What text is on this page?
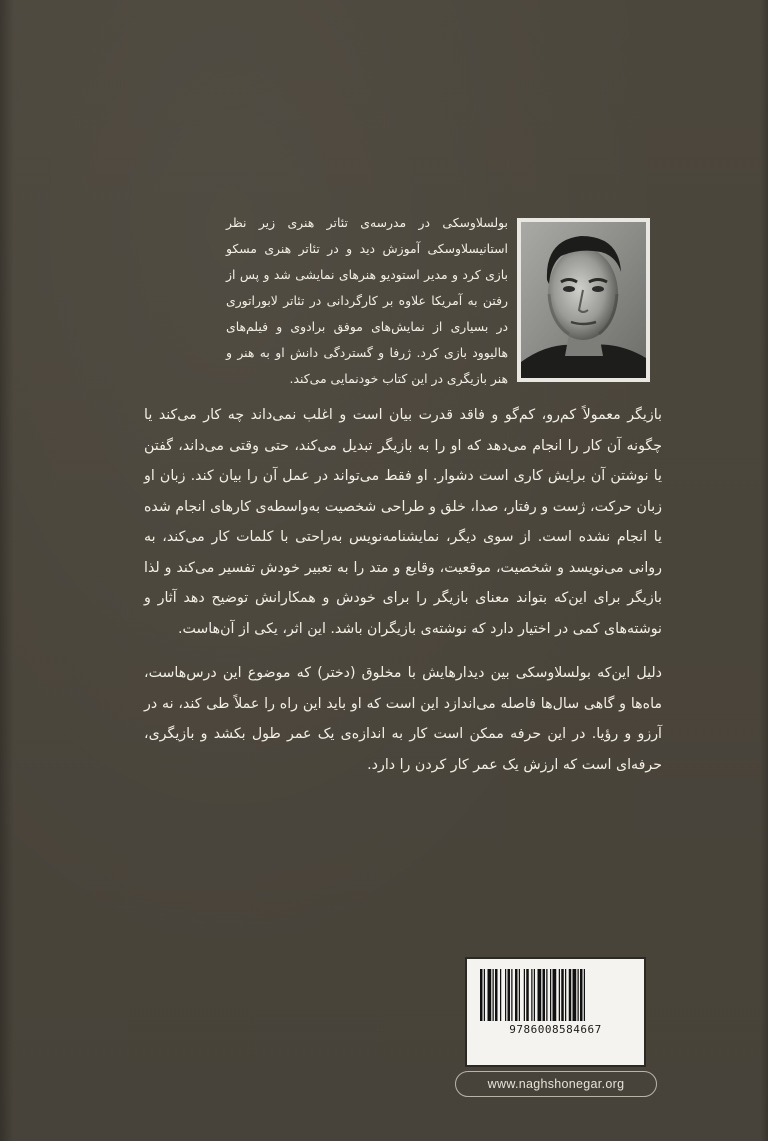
بولسلاوسکی در مدرسه‌ی تئاتر هنری زیر نظر استانیسلاوسکی آموزش دید و در تئاتر هنری مسکو بازی کرد و مدیر استودیو هنرهای نمایشی شد و پس از رفتن به آمریکا علاوه بر کارگردانی در تئاتر لابوراتوری در بسیاری از نمایش‌های موفق برادوی و فیلم‌های هالیوود بازی کرد. ژرفا و گستردگی دانش او به هنر و هنر بازیگری در این کتاب خودنمایی می‌کند.

بازیگر معمولاً کم‌رو، کم‌گو و فاقد قدرت بیان است و اغلب نمی‌داند چه کار می‌کند یا چگونه آن کار را انجام می‌دهد که او را به بازیگر تبدیل می‌کند، حتی وقتی می‌داند، گفتن یا نوشتن آن برایش کاری است دشوار. او فقط می‌تواند در عمل آن را بیان کند. زبان او زبان حرکت، ژست و رفتار، صدا، خلق و طراحی شخصیت به‌واسطه‌ی کارهای انجام شده یا انجام نشده است. از سوی دیگر، نمایشنامه‌نویس به‌راحتی با کلمات کار می‌کند، به روانی می‌نویسد و شخصیت، موقعیت، وقایع و متد را به تعبیر خودش تفسیر می‌کند و لذا بازیگر برای این‌که بتواند معنای بازیگر را برای خودش و همکارانش توضیح دهد آثار و نوشته‌های کمی در اختیار دارد که نوشته‌ی بازیگران باشد. این اثر، یکی از آن‌هاست.

دلیل این‌که بولسلاوسکی بین دیدارهایش با مخلوق (دختر) که موضوع این درس‌هاست، ماه‌ها و گاهی سال‌ها فاصله می‌اندازد این است که او باید این راه را عملاً طی کند، نه در آرزو و رؤیا. در این حرفه ممکن است کار به اندازه‌ی یک عمر طول بکشد و بازیگری، حرفه‌ای است که ارزش یک عمر کار کردن را دارد.

9786008584667
www.naghshonegar.org
